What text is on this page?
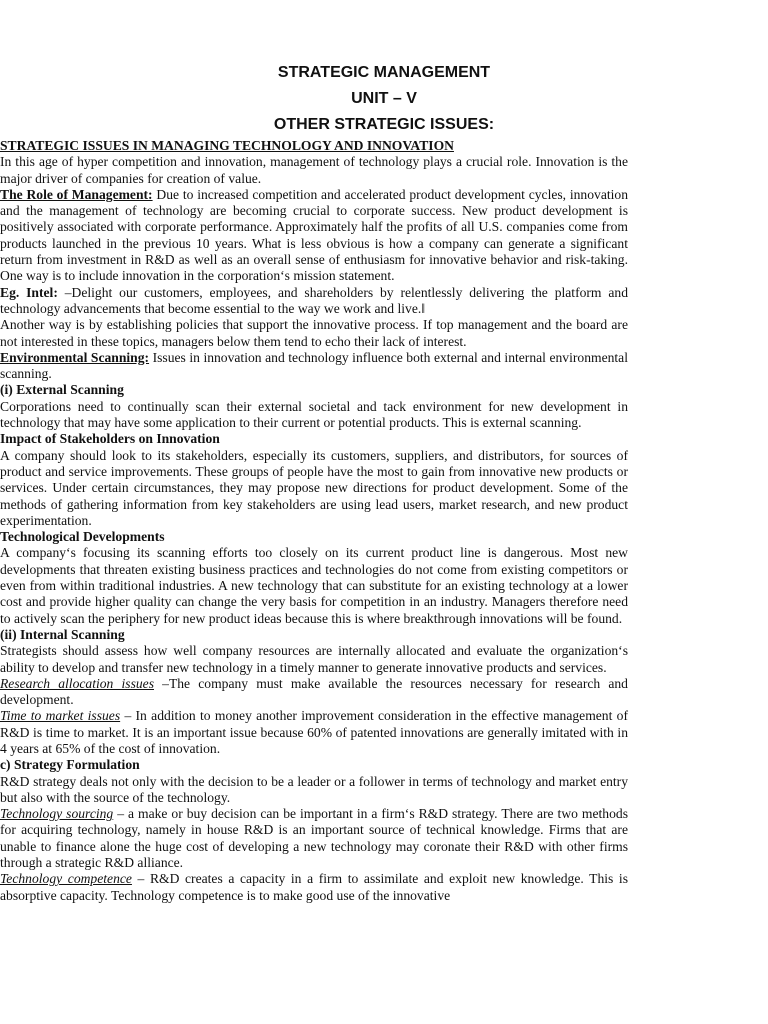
STRATEGIC MANAGEMENT
UNIT – V
OTHER STRATEGIC ISSUES:
STRATEGIC ISSUES IN MANAGING TECHNOLOGY AND INNOVATION

In this age of hyper competition and innovation, management of technology plays a crucial role. Innovation is the major driver of companies for creation of value.

The Role of Management: Due to increased competition and accelerated product development cycles, innovation and the management of technology are becoming crucial to corporate success. New product development is positively associated with corporate performance. Approximately half the profits of all U.S. companies come from products launched in the previous 10 years. What is less obvious is how a company can generate a significant return from investment in R&D as well as an overall sense of enthusiasm for innovative behavior and risk-taking. One way is to include innovation in the corporation‘s mission statement.

Eg. Intel: –Delight our customers, employees, and shareholders by relentlessly delivering the platform and technology advancements that become essential to the way we work and live.‖

Another way is by establishing policies that support the innovative process. If top management and the board are not interested in these topics, managers below them tend to echo their lack of interest.

Environmental Scanning: Issues in innovation and technology influence both external and internal environmental scanning.

(i) External Scanning

Corporations need to continually scan their external societal and tack environment for new development in technology that may have some application to their current or potential products. This is external scanning.

Impact of Stakeholders on Innovation

A company should look to its stakeholders, especially its customers, suppliers, and distributors, for sources of product and service improvements. These groups of people have the most to gain from innovative new products or services. Under certain circumstances, they may propose new directions for product development. Some of the methods of gathering information from key stakeholders are using lead users, market research, and new product experimentation.

Technological Developments

A company‘s focusing its scanning efforts too closely on its current product line is dangerous. Most new developments that threaten existing business practices and technologies do not come from existing competitors or even from within traditional industries. A new technology that can substitute for an existing technology at a lower cost and provide higher quality can change the very basis for competition in an industry. Managers therefore need to actively scan the periphery for new product ideas because this is where breakthrough innovations will be found.

(ii) Internal Scanning

Strategists should assess how well company resources are internally allocated and evaluate the organization‘s ability to develop and transfer new technology in a timely manner to generate innovative products and services.

Research allocation issues –The company must make available the resources necessary for research and development.

Time to market issues – In addition to money another improvement consideration in the effective management of R&D is time to market. It is an important issue because 60% of patented innovations are generally imitated with in 4 years at 65% of the cost of innovation.

c) Strategy Formulation

R&D strategy deals not only with the decision to be a leader or a follower in terms of technology and market entry but also with the source of the technology.

Technology sourcing – a make or buy decision can be important in a firm‘s R&D strategy. There are two methods for acquiring technology, namely in house R&D is an important source of technical knowledge. Firms that are unable to finance alone the huge cost of developing a new technology may coronate their R&D with other firms through a strategic R&D alliance.

Technology competence – R&D creates a capacity in a firm to assimilate and exploit new knowledge. This is absorptive capacity. Technology competence is to make good use of the innovative
